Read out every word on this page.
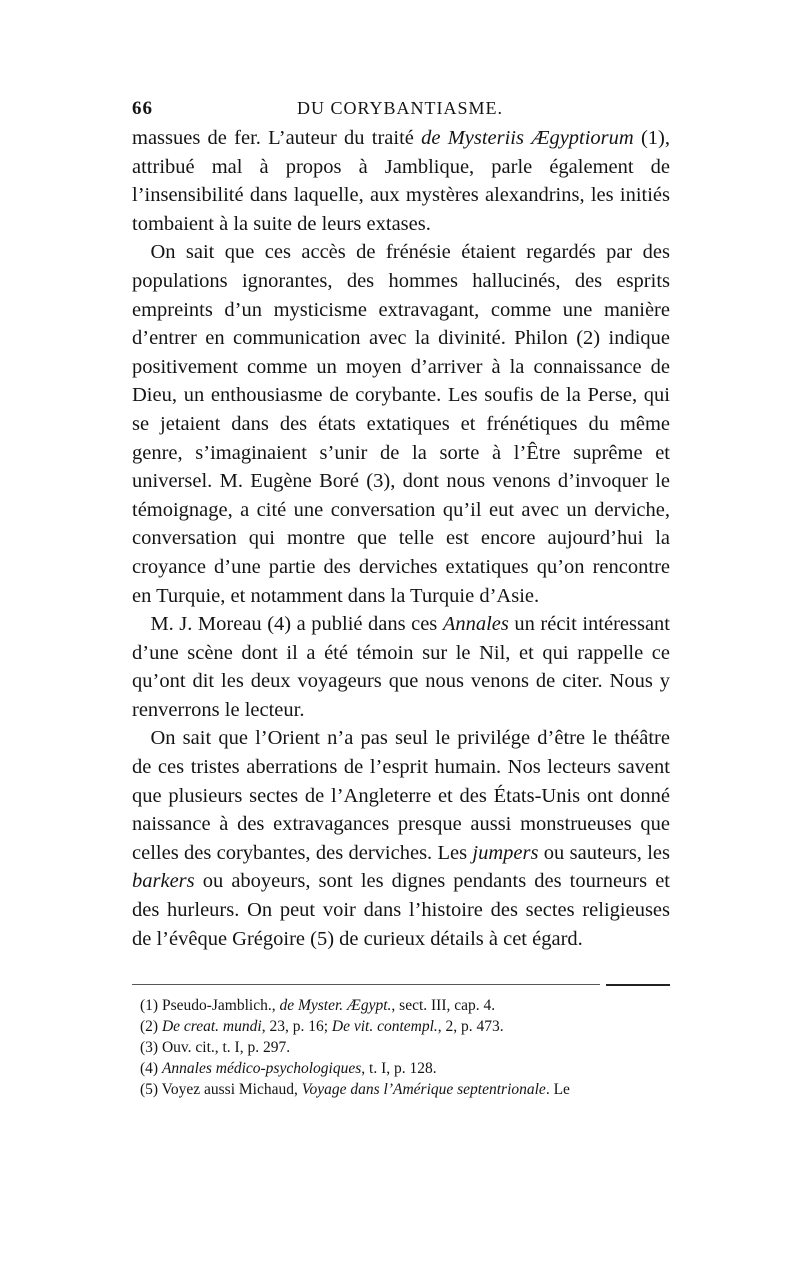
66	DU CORYBANTIASME.

massues de fer. L’auteur du traité de Mysteriis Ægyptiorum (1), attribué mal à propos à Jamblique, parle également de l’insensibilité dans laquelle, aux mystères alexandrins, les initiés tombaient à la suite de leurs extases.

On sait que ces accès de frénésie étaient regardés par des populations ignorantes, des hommes hallucinés, des esprits empreints d’un mysticisme extravagant, comme une manière d’entrer en communication avec la divinité. Philon (2) indique positivement comme un moyen d’arriver à la connaissance de Dieu, un enthousiasme de corybante. Les soufis de la Perse, qui se jetaient dans des états extatiques et frénétiques du même genre, s’imaginaient s’unir de la sorte à l’Être suprême et universel. M. Eugène Boré (3), dont nous venons d’invoquer le témoignage, a cité une conversation qu’il eut avec un derviche, conversation qui montre que telle est encore aujourd’hui la croyance d’une partie des derviches extatiques qu’on rencontre en Turquie, et notamment dans la Turquie d’Asie.

M. J. Moreau (4) a publié dans ces Annales un récit intéressant d’une scène dont il a été témoin sur le Nil, et qui rappelle ce qu’ont dit les deux voyageurs que nous venons de citer. Nous y renverrons le lecteur.

On sait que l’Orient n’a pas seul le privilége d’être le théâtre de ces tristes aberrations de l’esprit humain. Nos lecteurs savent que plusieurs sectes de l’Angleterre et des États-Unis ont donné naissance à des extravagances presque aussi monstrueuses que celles des corybantes, des derviches. Les jumpers ou sauteurs, les barkers ou aboyeurs, sont les dignes pendants des tourneurs et des hurleurs. On peut voir dans l’histoire des sectes religieuses de l’évêque Grégoire (5) de curieux détails à cet égard.

(1) Pseudo-Jamblich., de Myster. Ægypt., sect. III, cap. 4.
(2) De creat. mundi, 23, p. 16; De vit. contempl., 2, p. 473.
(3) Ouv. cit., t. I, p. 297.
(4) Annales médico-psychologiques, t. I, p. 128.
(5) Voyez aussi Michaud, Voyage dans l’Amérique septentrionale. Le
